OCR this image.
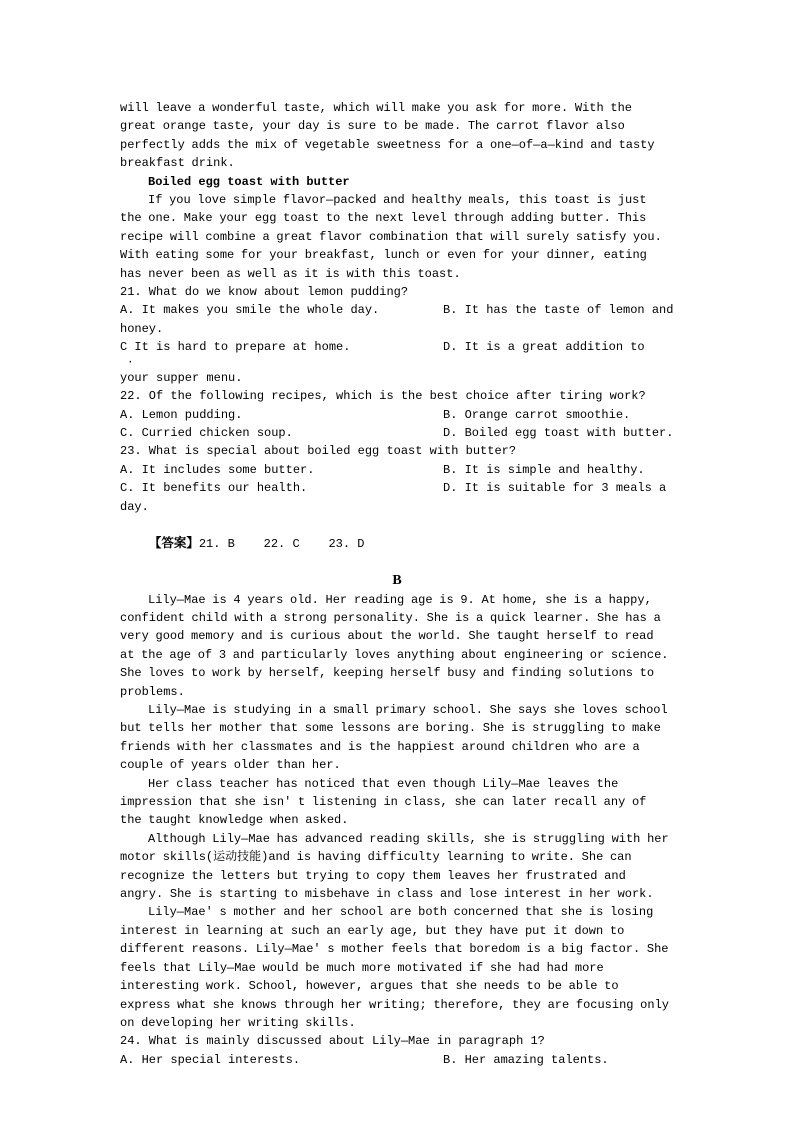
will leave a wonderful taste, which will make you ask for more. With the great orange taste, your day is sure to be made. The carrot flavor also perfectly adds the mix of vegetable sweetness for a one—of—a—kind and tasty breakfast drink.

Boiled egg toast with butter

If you love simple flavor—packed and healthy meals, this toast is just the one. Make your egg toast to the next level through adding butter. This recipe will combine a great flavor combination that will surely satisfy you. With eating some for your breakfast, lunch or even for your dinner, eating has never been as well as it is with this toast.

21. What do we know about lemon pudding?
A. It makes you smile the whole day.	B. It has the taste of lemon and
honey.
C It is hard to prepare at home.	D. It is a great addition to
·
your supper menu.
22. Of the following recipes, which is the best choice after tiring work?
A. Lemon pudding.	B. Orange carrot smoothie.
C. Curried chicken soup.	D. Boiled egg toast with butter.
23. What is special about boiled egg toast with butter?
A. It includes some butter.	B. It is simple and healthy.
C. It benefits our health.	D. It is suitable for 3 meals a
day.

【答案】21. B    22. C    23. D

B

Lily—Mae is 4 years old. Her reading age is 9. At home, she is a happy, confident child with a strong personality. She is a quick learner. She has a very good memory and is curious about the world. She taught herself to read at the age of 3 and particularly loves anything about engineering or science. She loves to work by herself, keeping herself busy and finding solutions to problems.

Lily—Mae is studying in a small primary school. She says she loves school but tells her mother that some lessons are boring. She is struggling to make friends with her classmates and is the happiest around children who are a couple of years older than her.

Her class teacher has noticed that even though Lily—Mae leaves the impression that she isn' t listening in class, she can later recall any of the taught knowledge when asked.

Although Lily—Mae has advanced reading skills, she is struggling with her motor skills(运动技能)and is having difficulty learning to write. She can recognize the letters but trying to copy them leaves her frustrated and angry. She is starting to misbehave in class and lose interest in her work.

Lily—Mae' s mother and her school are both concerned that she is losing interest in learning at such an early age, but they have put it down to different reasons. Lily—Mae' s mother feels that boredom is a big factor. She feels that Lily—Mae would be much more motivated if she had had more interesting work. School, however, argues that she needs to be able to express what she knows through her writing; therefore, they are focusing only on developing her writing skills.

24. What is mainly discussed about Lily—Mae in paragraph 1?
A. Her special interests.	B. Her amazing talents.
